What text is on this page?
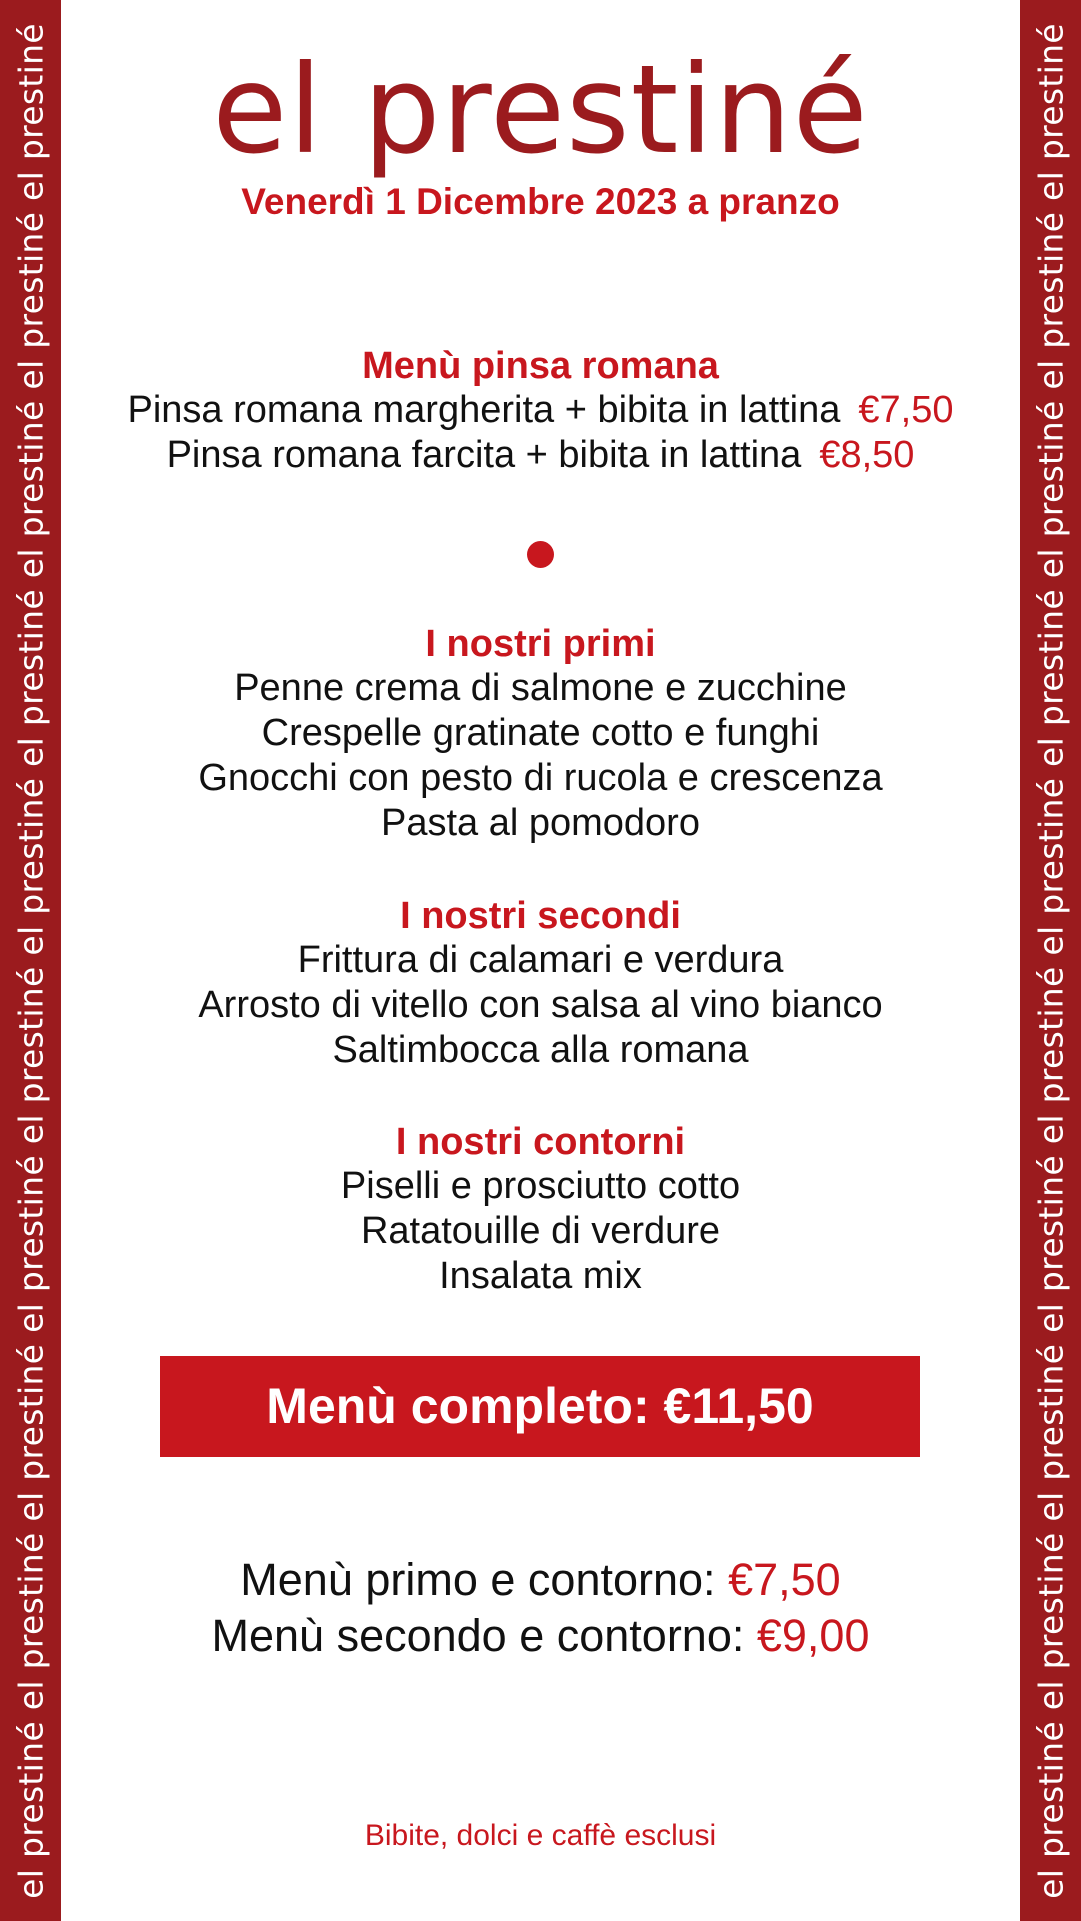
el prestiné el prestiné el prestiné el prestiné el prestiné el prestiné el prestiné el prestiné el prestiné el prestiné	el prestiné el prestiné el prestiné el prestiné el prestiné el prestiné el prestiné el prestiné el prestiné el prestiné
el prestiné
Venerdì 1 Dicembre 2023 a pranzo
Menù pinsa romana
Pinsa romana margherita + bibita in lattina €7,50
Pinsa romana farcita + bibita in lattina €8,50
I nostri primi
Penne crema di salmone e zucchine
Crespelle gratinate cotto e funghi
Gnocchi con pesto di rucola e crescenza
Pasta al pomodoro
I nostri secondi
Frittura di calamari e verdura
Arrosto di vitello con salsa al vino bianco
Saltimbocca alla romana
I nostri contorni
Piselli e prosciutto cotto
Ratatouille di verdure
Insalata mix
Menù completo: €11,50
Menù primo e contorno: €7,50
Menù secondo e contorno: €9,00
Bibite, dolci e caffè esclusi
